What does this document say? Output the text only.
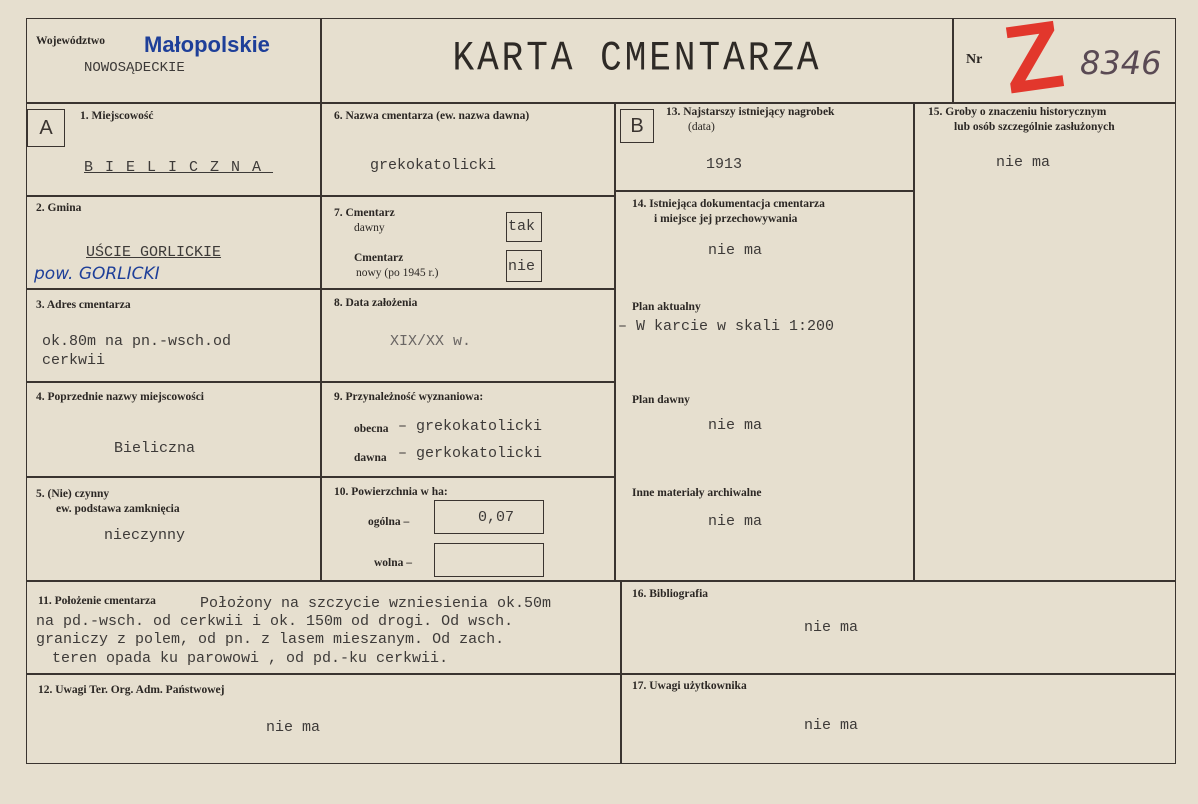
Województwo Małopolskie
NOWOSĄDECKIE	KARTA CMENTARZA	Nr Z 8346
A	B
1. Miejscowość
BIELICZNA
2. Gmina
UŚCIE GORLICKIE
pow. GORLICKI
3. Adres cmentarza
ok.80m na pn.-wsch.od
cerkwii
4. Poprzednie nazwy miejscowości
Bieliczna
5. (Nie) czynny
ew. podstawa zamknięcia
nieczynny
6. Nazwa cmentarza (ew. nazwa dawna)
grekokatolicki
7. Cmentarz
dawny	tak
Cmentarz
nowy (po 1945 r.)	nie
8. Data założenia
XIX/XX w.
9. Przynależność wyznaniowa:
obecna – grekokatolicki
dawna – gerkokatolicki
10. Powierzchnia w ha:
ogólna –	0,07
wolna –
13. Najstarszy istniejący nagrobek
(data)
1913
14. Istniejąca dokumentacja cmentarza
i miejsce jej przechowywania
nie ma
Plan aktualny
– W karcie w skali 1:200
Plan dawny
nie ma
Inne materiały archiwalne
nie ma
15. Groby o znaczeniu historycznym
lub osób szczególnie zasłużonych
nie ma
11. Położenie cmentarza	Położony na szczycie wzniesienia ok.50m
na pd.-wsch. od cerkwii i ok. 150m od drogi. Od wsch.
graniczy z polem, od pn. z lasem mieszanym. Od zach.
teren opada ku parowowi , od pd.-ku cerkwii.
16. Bibliografia
nie ma
12. Uwagi Ter. Org. Adm. Państwowej
nie ma
17. Uwagi użytkownika
nie ma
